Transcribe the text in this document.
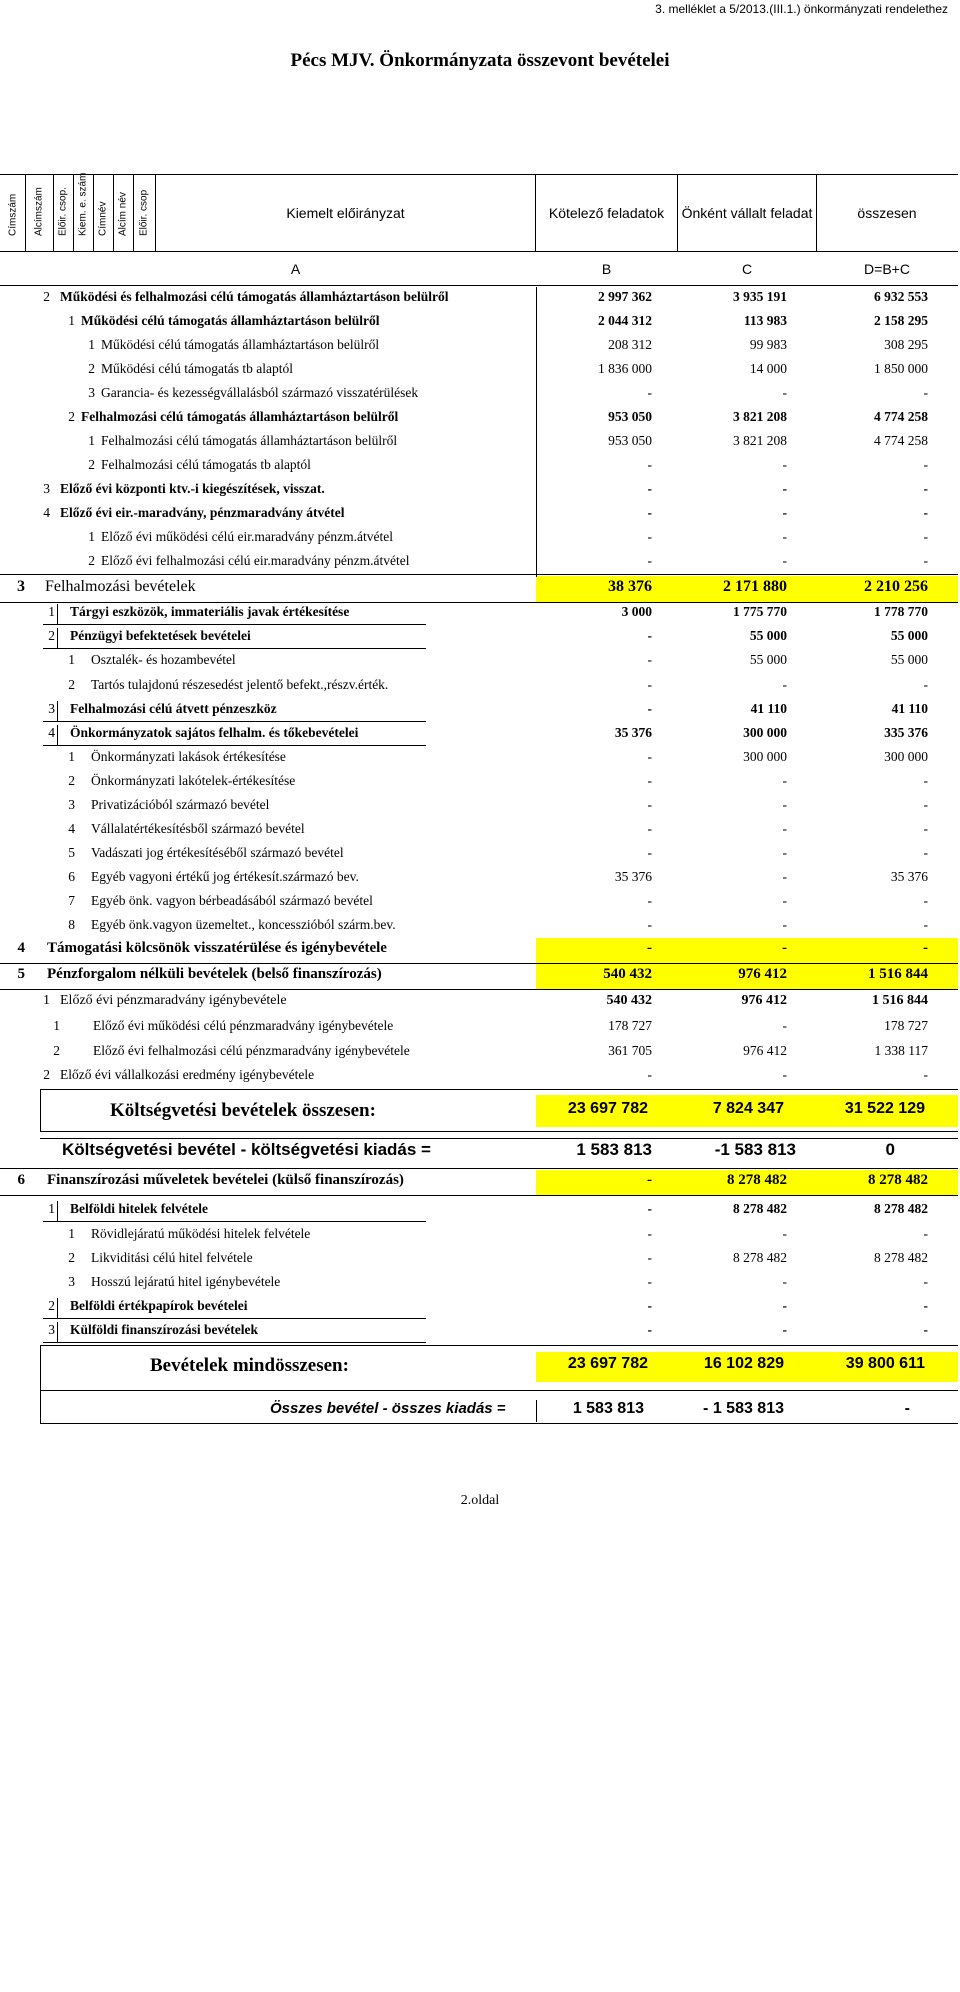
3. melléklet a 5/2013.(III.1.) önkormányzati rendelethez
Pécs MJV. Önkormányzata összevont bevételei
Címszám Alcímszám Előir. csop. Kiem. e. szám Címnév Alcím név Előir. csop	Kiemelt előirányzat	Kötelező feladatok	Önként vállalt feladat	összesen
A	B	C	D=B+C
2 Működési és felhalmozási célú támogatás államháztartáson belülről	2 997 362	3 935 191	6 932 553
1 Működési célú támogatás államháztartáson belülről	2 044 312	113 983	2 158 295
1 Működési célú támogatás államháztartáson belülről	208 312	99 983	308 295
2 Működési célú támogatás tb alaptól	1 836 000	14 000	1 850 000
3 Garancia- és kezességvállalásból származó visszatérülések	-	-	-
2 Felhalmozási célú támogatás államháztartáson belülről	953 050	3 821 208	4 774 258
1 Felhalmozási célú támogatás államháztartáson belülről	953 050	3 821 208	4 774 258
2 Felhalmozási célú támogatás tb alaptól	-	-	-
3 Előző évi központi ktv.-i kiegészítések, visszat.	-	-	-
4 Előző évi eir.-maradvány, pénzmaradvány átvétel	-	-	-
1 Előző évi működési célú eir.maradvány pénzm.átvétel	-	-	-
2 Előző évi felhalmozási célú eir.maradvány pénzm.átvétel	-	-	-
3 Felhalmozási bevételek	38 376	2 171 880	2 210 256
1 Tárgyi eszközök, immateriális javak értékesítése	3 000	1 775 770	1 778 770
2 Pénzügyi befektetések bevételei	-	55 000	55 000
1 Osztalék- és hozambevétel	-	55 000	55 000
2 Tartós tulajdonú részesedést jelentő befekt.,részv.érték.	-	-	-
3 Felhalmozási célú átvett pénzeszköz	-	41 110	41 110
4 Önkormányzatok sajátos felhalm. és tőkebevételei	35 376	300 000	335 376
1 Önkormányzati lakások értékesítése	-	300 000	300 000
2 Önkormányzati lakótelek-értékesítése	-	-	-
3 Privatizációból származó bevétel	-	-	-
4 Vállalatértékesítésből származó bevétel	-	-	-
5 Vadászati jog értékesítéséből származó bevétel	-	-	-
6 Egyéb vagyoni értékű jog értékesít.származó bev.	35 376	-	35 376
7 Egyéb önk. vagyon bérbeadásából származó bevétel	-	-	-
8 Egyéb önk.vagyon üzemeltet., koncesszióból szárm.bev.	-	-	-
4 Támogatási kölcsönök visszatérülése és igénybevétele	-	-	-
5 Pénzforgalom nélküli bevételek (belső finanszírozás)	540 432	976 412	1 516 844
1 Előző évi pénzmaradvány igénybevétele	540 432	976 412	1 516 844
1 Előző évi működési célú pénzmaradvány igénybevétele	178 727	-	178 727
2 Előző évi felhalmozási célú pénzmaradvány igénybevétele	361 705	976 412	1 338 117
2 Előző évi vállalkozási eredmény igénybevétele	-	-	-
Költségvetési bevételek összesen:	23 697 782	7 824 347	31 522 129
Költségvetési bevétel - költségvetési kiadás =	1 583 813	-1 583 813	0
6 Finanszírozási műveletek bevételei (külső finanszírozás)	-	8 278 482	8 278 482
1 Belföldi hitelek felvétele	-	8 278 482	8 278 482
1 Rövidlejáratú működési hitelek felvétele	-	-	-
2 Likviditási célú hitel felvétele	-	8 278 482	8 278 482
3 Hosszú lejáratú hitel igénybevétele	-	-	-
2 Belföldi értékpapírok bevételei	-	-	-
3 Külföldi finanszírozási bevételek	-	-	-
Bevételek mindösszesen:	23 697 782	16 102 829	39 800 611
Összes bevétel - összes kiadás =	1 583 813	- 1 583 813	-
2.oldal
